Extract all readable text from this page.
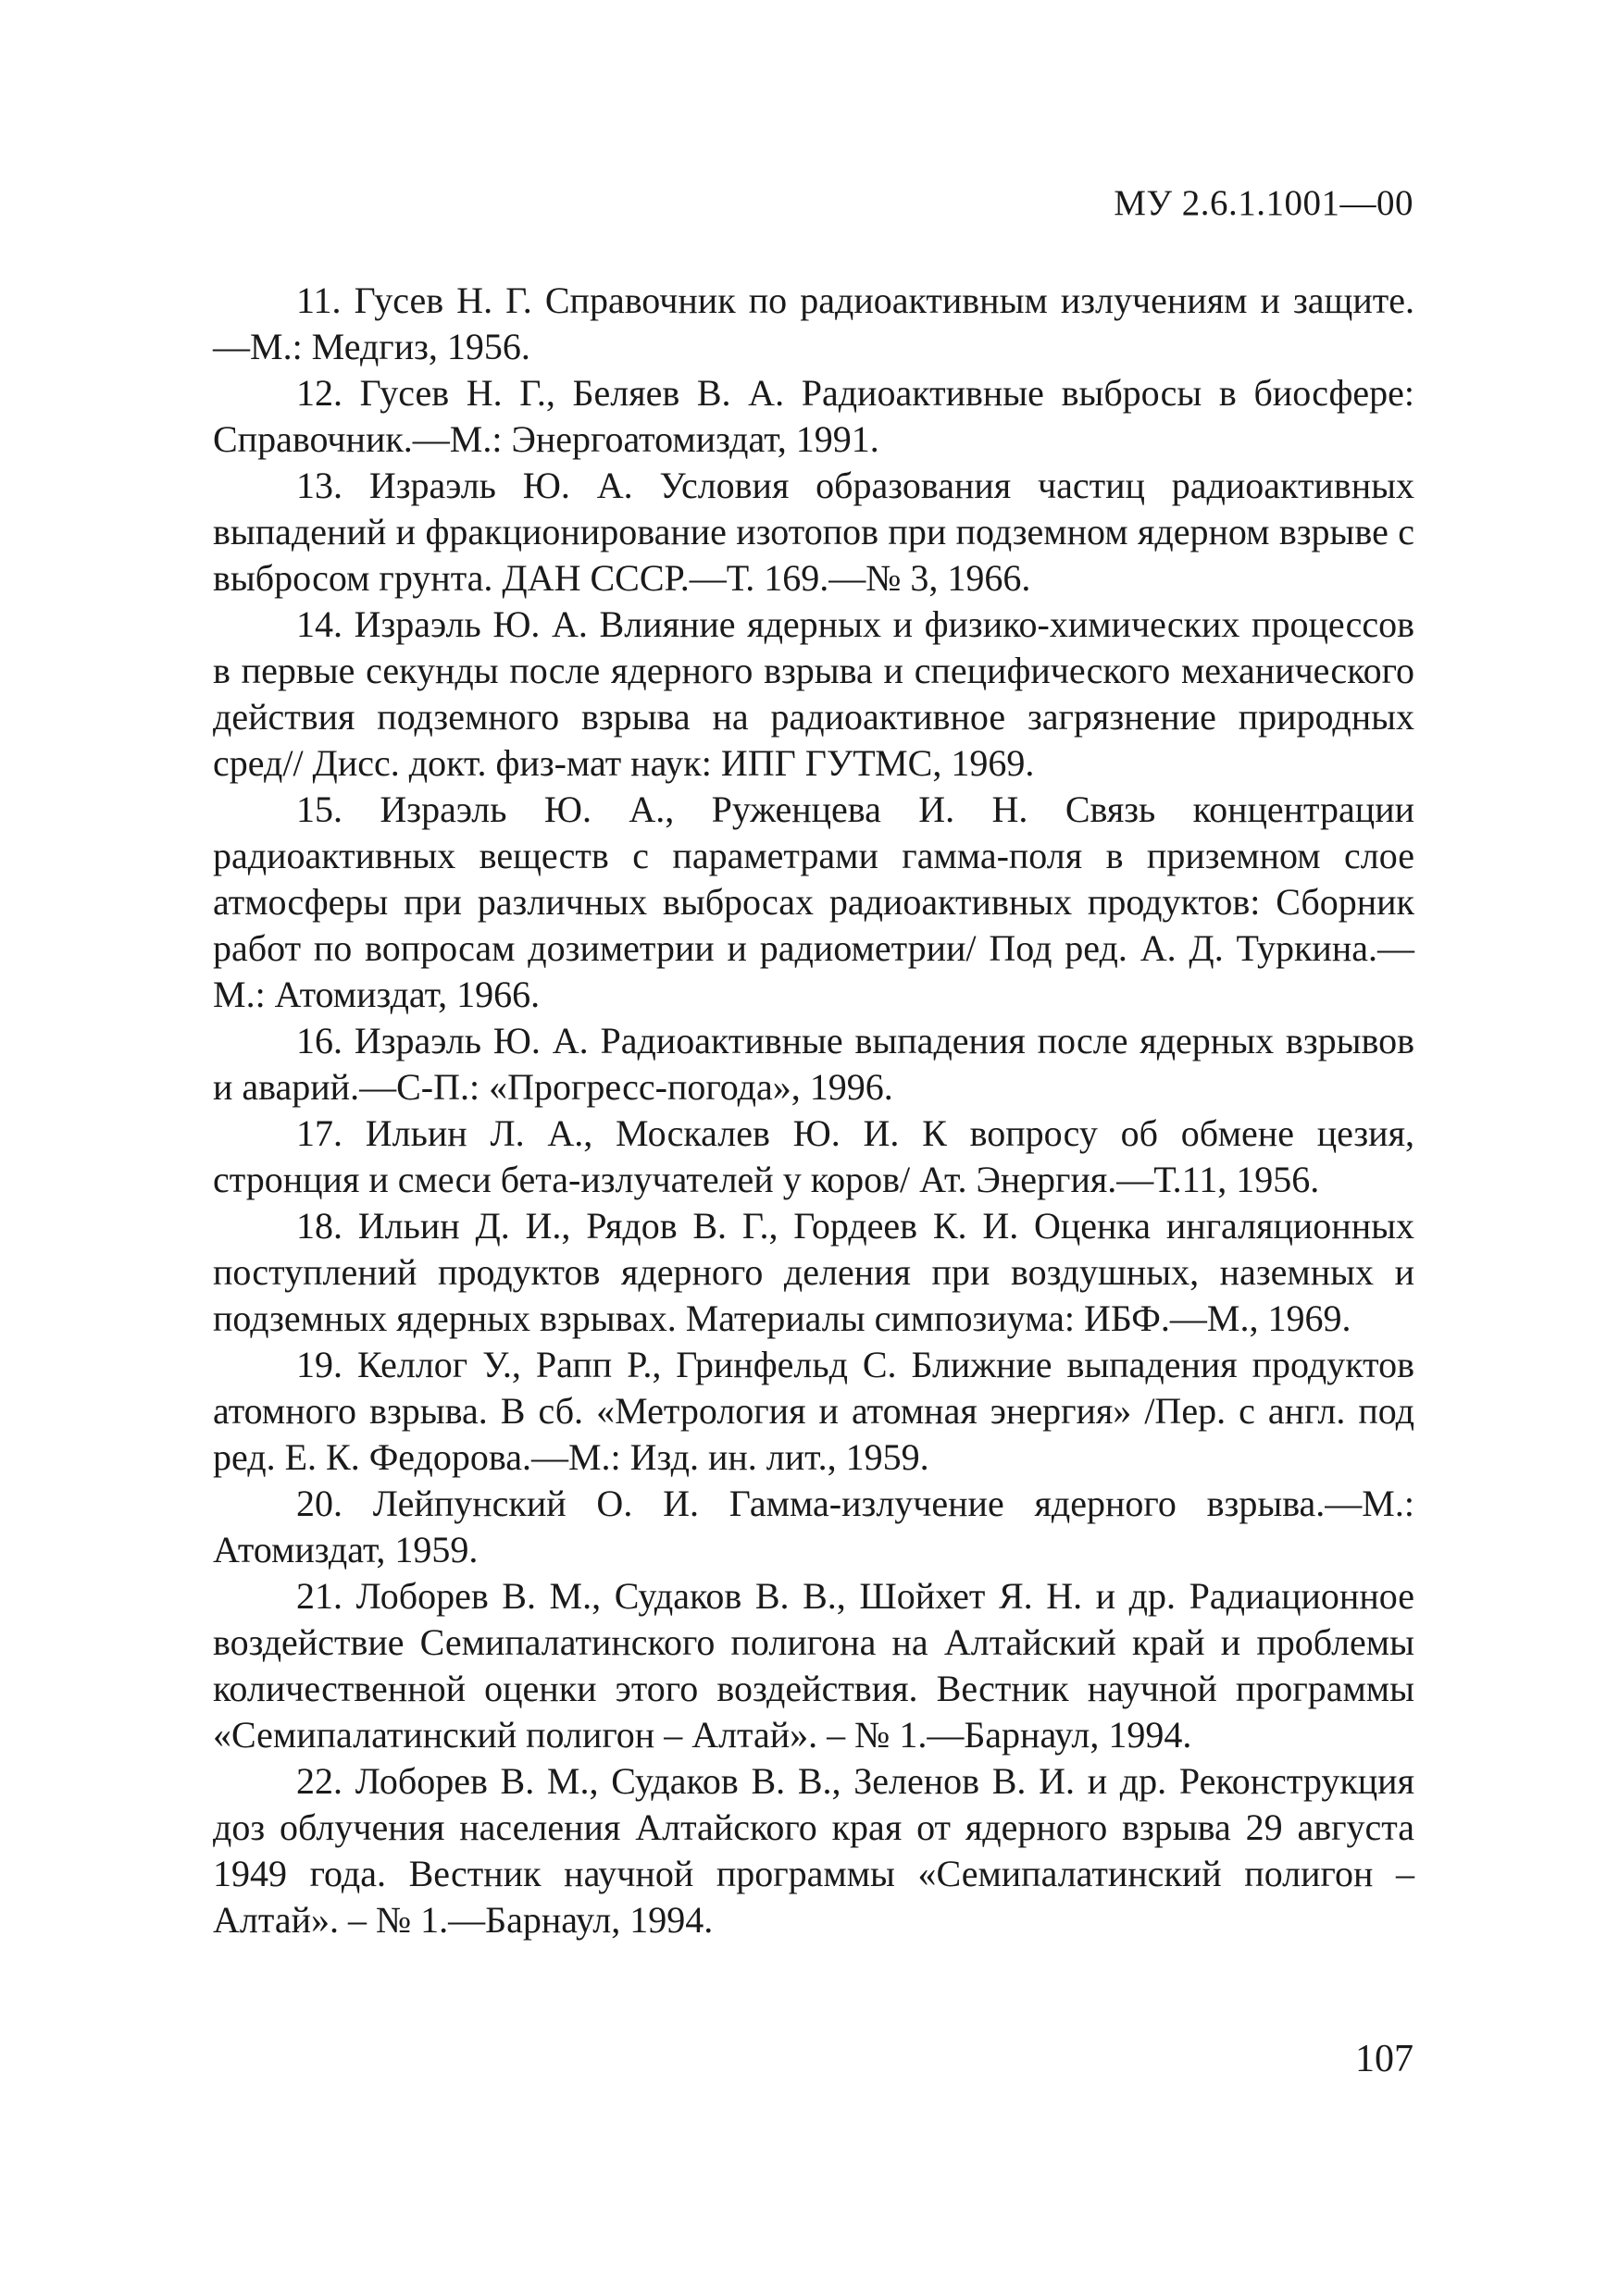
МУ 2.6.1.1001—00
11. Гусев Н. Г. Справочник по радиоактивным излучениям и защите.—М.: Медгиз, 1956.
12. Гусев Н. Г., Беляев В. А. Радиоактивные выбросы в биосфере: Справочник.—М.: Энергоатомиздат, 1991.
13. Израэль Ю. А. Условия образования частиц радиоактивных выпадений и фракционирование изотопов при подземном ядерном взрыве с выбросом грунта. ДАН СССР.—Т. 169.—№ 3, 1966.
14. Израэль Ю. А. Влияние ядерных и физико-химических процессов в первые секунды после ядерного взрыва и специфического механического действия подземного взрыва на радиоактивное загрязнение природных сред// Дисс. докт. физ-мат наук: ИПГ ГУТМС, 1969.
15. Израэль Ю. А., Руженцева И. Н. Связь концентрации радиоактивных веществ с параметрами гамма-поля в приземном слое атмосферы при различных выбросах радиоактивных продуктов: Сборник работ по вопросам дозиметрии и радиометрии/ Под ред. А. Д. Туркина.—М.: Атомиздат, 1966.
16. Израэль Ю. А. Радиоактивные выпадения после ядерных взрывов и аварий.—С-П.: «Прогресс-погода», 1996.
17. Ильин Л. А., Москалев Ю. И. К вопросу об обмене цезия, стронция и смеси бета-излучателей у коров/ Ат. Энергия.—Т.11, 1956.
18. Ильин Д. И., Рядов В. Г., Гордеев К. И. Оценка ингаляционных поступлений продуктов ядерного деления при воздушных, наземных и подземных ядерных взрывах. Материалы симпозиума: ИБФ.—М., 1969.
19. Келлог У., Рапп Р., Гринфельд С. Ближние выпадения продуктов атомного взрыва. В сб. «Метрология и атомная энергия» /Пер. с англ. под ред. Е. К. Федорова.—М.: Изд. ин. лит., 1959.
20. Лейпунский О. И. Гамма-излучение ядерного взрыва.—М.: Атомиздат, 1959.
21. Лоборев В. М., Судаков В. В., Шойхет Я. Н. и др. Радиационное воздействие Семипалатинского полигона на Алтайский край и проблемы количественной оценки этого воздействия. Вестник научной программы «Семипалатинский полигон – Алтай». – № 1.—Барнаул, 1994.
22. Лоборев В. М., Судаков В. В., Зеленов В. И. и др. Реконструкция доз облучения населения Алтайского края от ядерного взрыва 29 августа 1949 года. Вестник научной программы «Семипалатинский полигон – Алтай». – № 1.—Барнаул, 1994.
107
